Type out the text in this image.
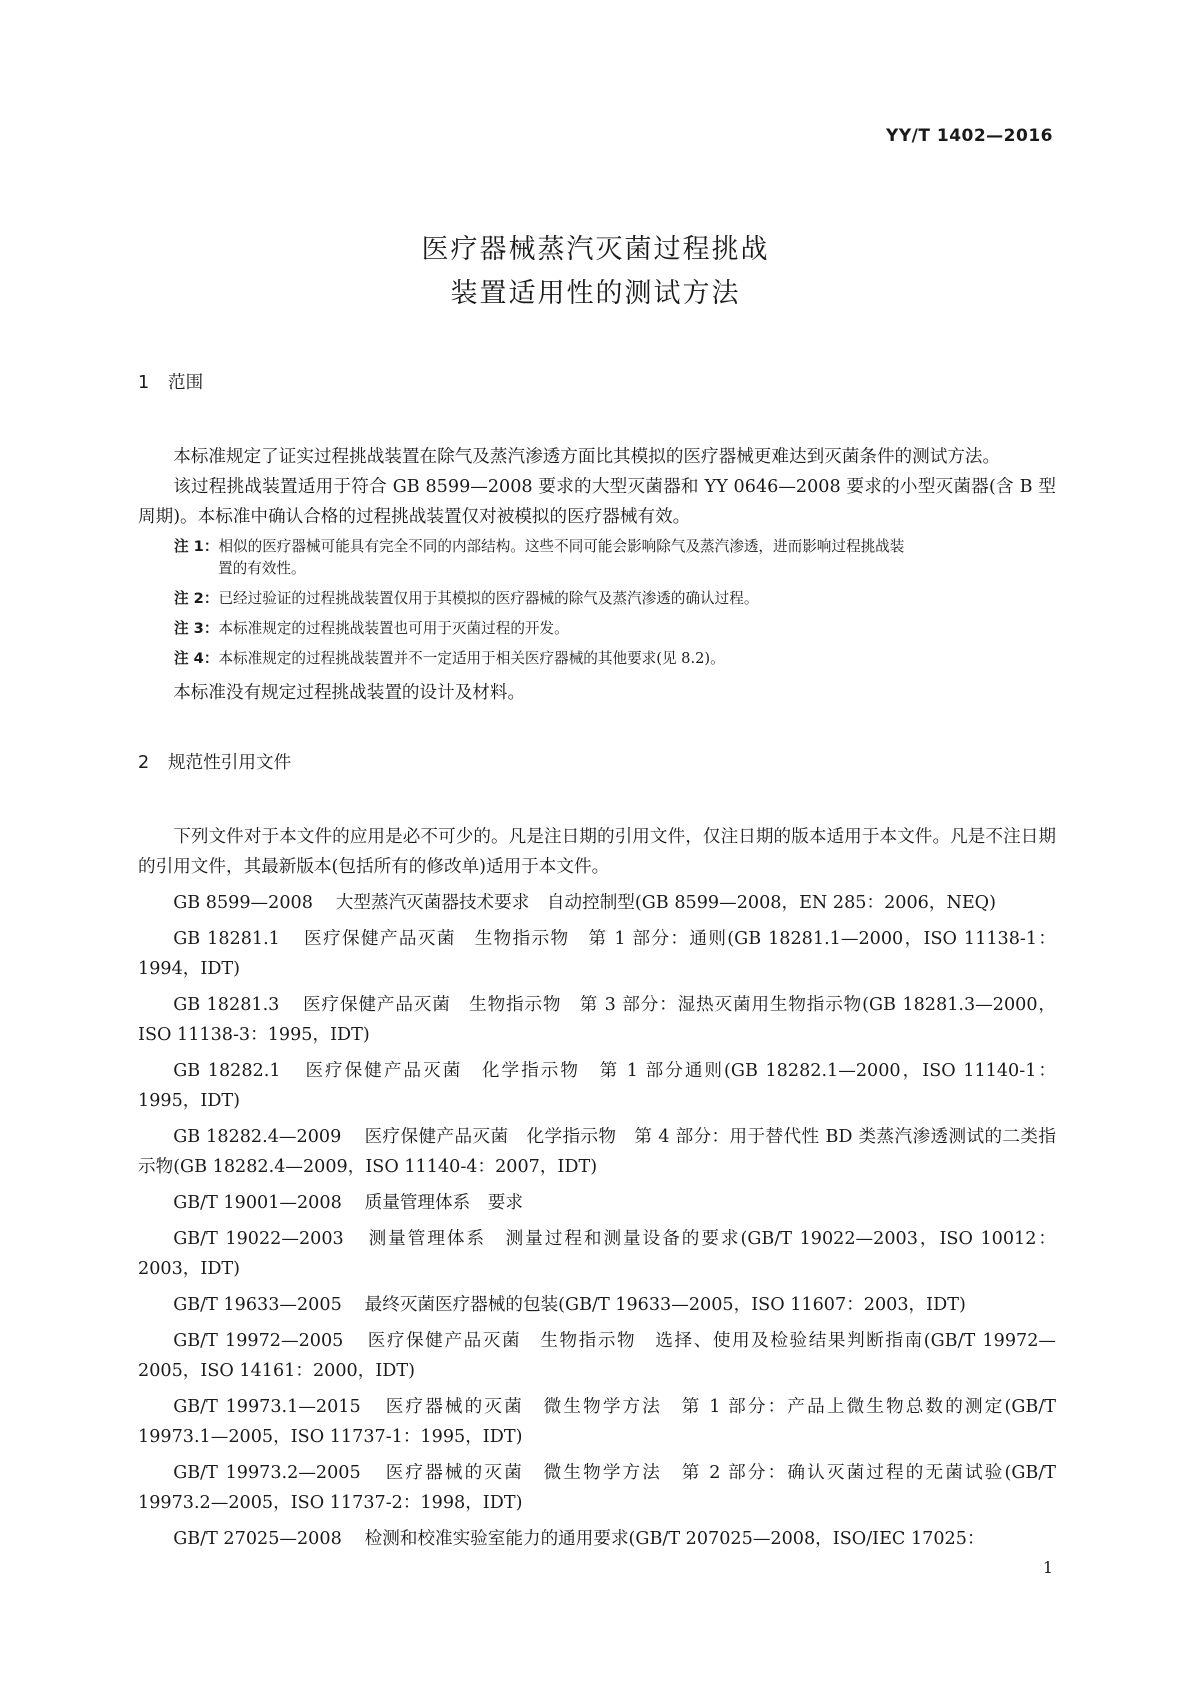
YY/T 1402—2016
医疗器械蒸汽灭菌过程挑战
装置适用性的测试方法
1 范围

本标准规定了证实过程挑战装置在除气及蒸汽渗透方面比其模拟的医疗器械更难达到灭菌条件的测试方法。

该过程挑战装置适用于符合 GB 8599—2008 要求的大型灭菌器和 YY 0646—2008 要求的小型灭菌器(含 B 型周期)。本标准中确认合格的过程挑战装置仅对被模拟的医疗器械有效。

注 1：相似的医疗器械可能具有完全不同的内部结构。这些不同可能会影响除气及蒸汽渗透，进而影响过程挑战装
置的有效性。
注 2：已经过验证的过程挑战装置仅用于其模拟的医疗器械的除气及蒸汽渗透的确认过程。
注 3：本标准规定的过程挑战装置也可用于灭菌过程的开发。
注 4：本标准规定的过程挑战装置并不一定适用于相关医疗器械的其他要求(见 8.2)。

本标准没有规定过程挑战装置的设计及材料。

2 规范性引用文件

下列文件对于本文件的应用是必不可少的。凡是注日期的引用文件，仅注日期的版本适用于本文件。凡是不注日期的引用文件，其最新版本(包括所有的修改单)适用于本文件。

GB 8599—2008 大型蒸汽灭菌器技术要求　自动控制型(GB 8599—2008，EN 285：2006，NEQ)

GB 18281.1 医疗保健产品灭菌　生物指示物　第 1 部分：通则(GB 18281.1—2000，ISO 11138-1：1994，IDT)

GB 18281.3 医疗保健产品灭菌　生物指示物　第 3 部分：湿热灭菌用生物指示物(GB 18281.3—2000，ISO 11138-3：1995，IDT)

GB 18282.1 医疗保健产品灭菌　化学指示物　第 1 部分通则(GB 18282.1—2000，ISO 11140-1：1995，IDT)

GB 18282.4—2009 医疗保健产品灭菌　化学指示物　第 4 部分：用于替代性 BD 类蒸汽渗透测试的二类指示物(GB 18282.4—2009，ISO 11140-4：2007，IDT)

GB/T 19001—2008 质量管理体系　要求

GB/T 19022—2003 测量管理体系　测量过程和测量设备的要求(GB/T 19022—2003，ISO 10012：2003，IDT)

GB/T 19633—2005 最终灭菌医疗器械的包装(GB/T 19633—2005，ISO 11607：2003，IDT)

GB/T 19972—2005 医疗保健产品灭菌　生物指示物　选择、使用及检验结果判断指南(GB/T 19972—2005，ISO 14161：2000，IDT)

GB/T 19973.1—2015 医疗器械的灭菌　微生物学方法　第 1 部分：产品上微生物总数的测定(GB/T 19973.1—2005，ISO 11737-1：1995，IDT)

GB/T 19973.2—2005 医疗器械的灭菌　微生物学方法　第 2 部分：确认灭菌过程的无菌试验(GB/T 19973.2—2005，ISO 11737-2：1998，IDT)

GB/T 27025—2008 检测和校准实验室能力的通用要求(GB/T 207025—2008，ISO/IEC 17025：

1
